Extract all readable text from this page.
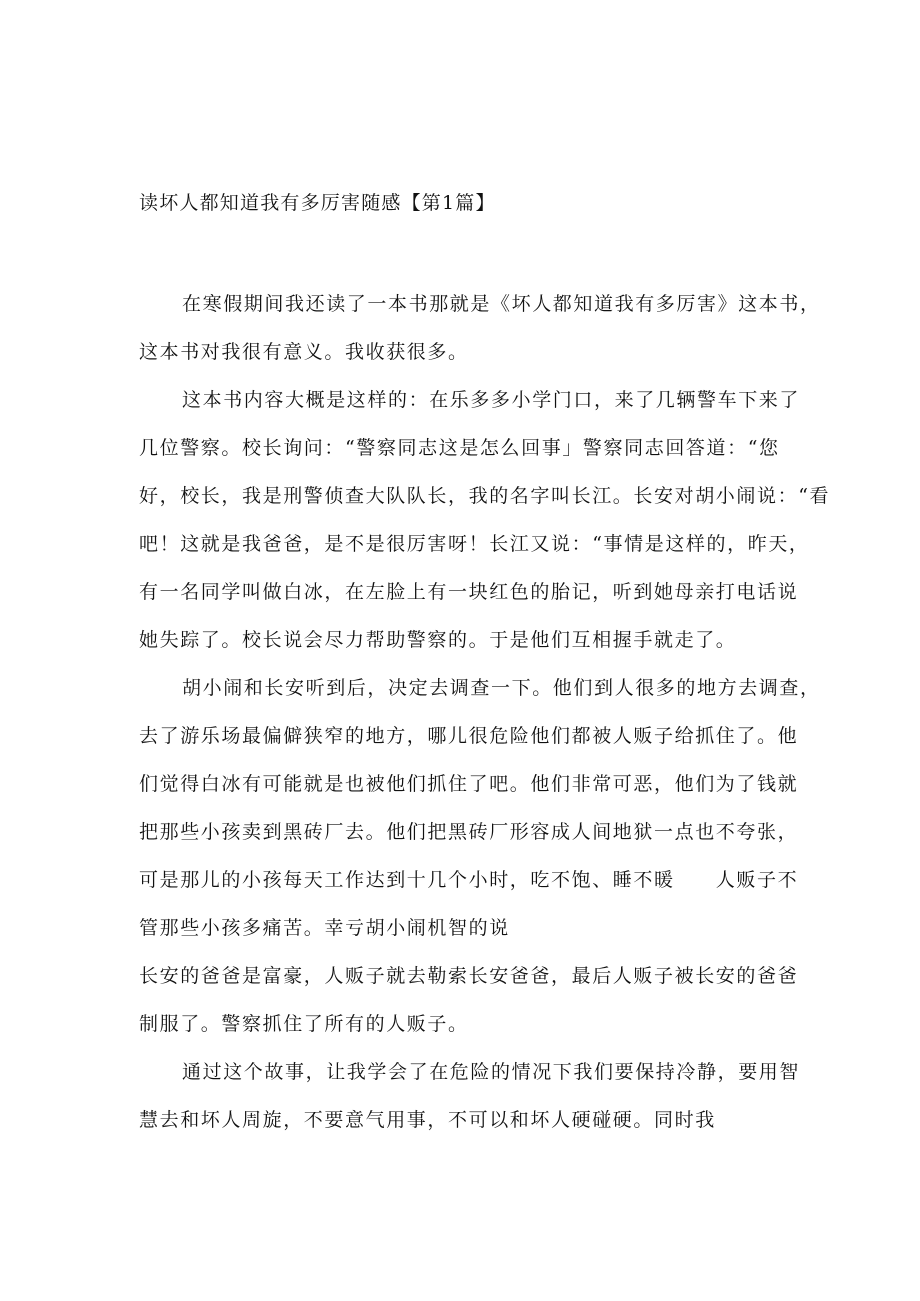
读坏人都知道我有多厉害随感【第1篇】
在寒假期间我还读了一本书那就是《坏人都知道我有多厉害》这本书，
这本书对我很有意义。我收获很多。
这本书内容大概是这样的：在乐多多小学门口，来了几辆警车下来了
几位警察。校长询问：“警察同志这是怎么回事」警察同志回答道：“您
好，校长，我是刑警侦查大队队长，我的名字叫长江。长安对胡小闹说：“看
吧！这就是我爸爸，是不是很厉害呀！长江又说：“事情是这样的，昨天，
有一名同学叫做白冰，在左脸上有一块红色的胎记，听到她母亲打电话说
她失踪了。校长说会尽力帮助警察的。于是他们互相握手就走了。
胡小闹和长安听到后，决定去调查一下。他们到人很多的地方去调查，
去了游乐场最偏僻狭窄的地方，哪儿很危险他们都被人贩子给抓住了。他
们觉得白冰有可能就是也被他们抓住了吧。他们非常可恶，他们为了钱就
把那些小孩卖到黑砖厂去。他们把黑砖厂形容成人间地狱一点也不夸张，
可是那儿的小孩每天工作达到十几个小时，吃不饱、睡不暖　　人贩子不
管那些小孩多痛苦。幸亏胡小闹机智的说
长安的爸爸是富豪，人贩子就去勒索长安爸爸，最后人贩子被长安的爸爸
制服了。警察抓住了所有的人贩子。
通过这个故事，让我学会了在危险的情况下我们要保持冷静，要用智
慧去和坏人周旋，不要意气用事，不可以和坏人硬碰硬。同时我
